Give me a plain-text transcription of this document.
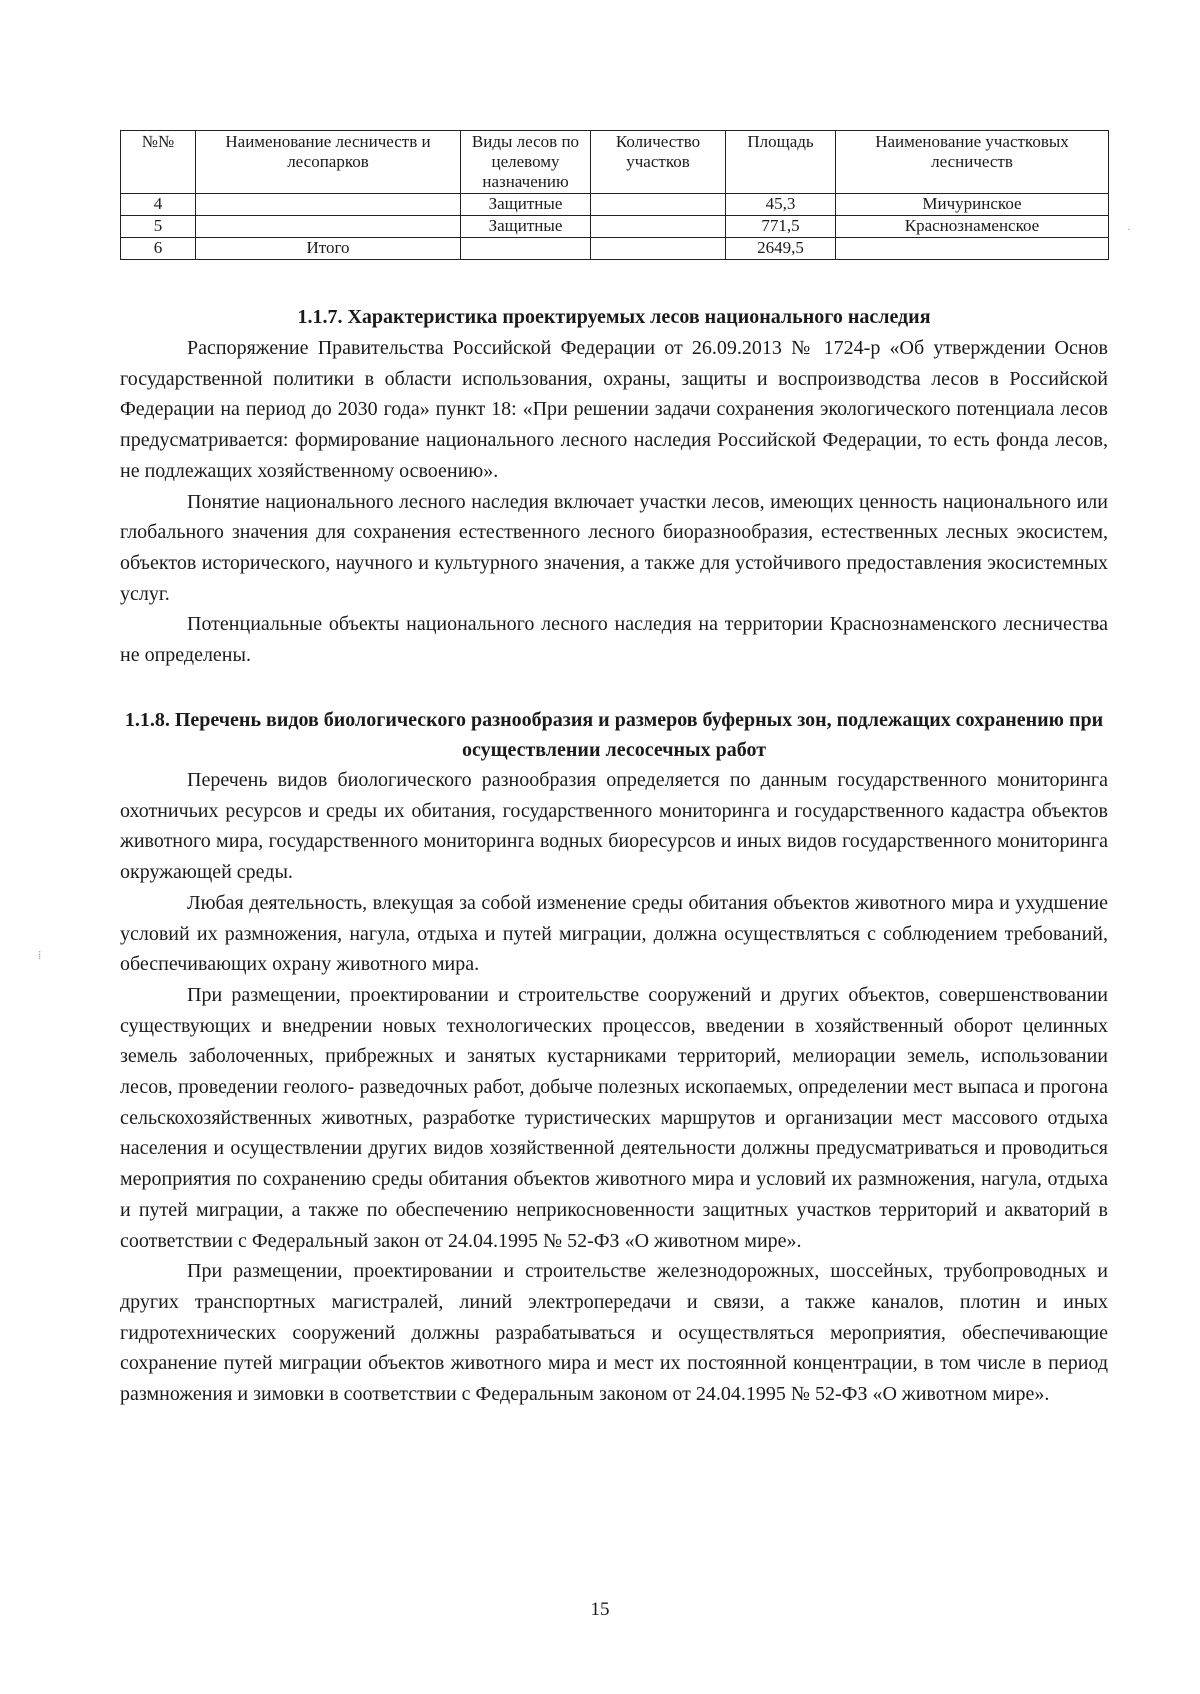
№№	Наименование лесничеств и лесопарков	Виды лесов по целевому назначению	Количество участков	Площадь	Наименование участковых лесничеств
4		Защитные		45,3	Мичуринское
5		Защитные		771,5	Краснознаменское
6	Итого			2649,5	
1.1.7. Характеристика проектируемых лесов национального наследия

Распоряжение Правительства Российской Федерации от 26.09.2013 № 1724-р «Об утверждении Основ государственной политики в области использования, охраны, защиты и воспроизводства лесов в Российской Федерации на период до 2030 года» пункт 18: «При решении задачи сохранения экологического потенциала лесов предусматривается: формирование национального лесного наследия Российской Федерации, то есть фонда лесов, не подлежащих хозяйственному освоению».

Понятие национального лесного наследия включает участки лесов, имеющих ценность национального или глобального значения для сохранения естественного лесного биоразнообразия, естественных лесных экосистем, объектов исторического, научного и культурного значения, а также для устойчивого предоставления экосистемных услуг.

Потенциальные объекты национального лесного наследия на территории Краснознаменского лесничества не определены.

1.1.8. Перечень видов биологического разнообразия и размеров буферных зон, подлежащих сохранению при осуществлении лесосечных работ

Перечень видов биологического разнообразия определяется по данным государственного мониторинга охотничьих ресурсов и среды их обитания, государственного мониторинга и государственного кадастра объектов животного мира, государственного мониторинга водных биоресурсов и иных видов государственного мониторинга окружающей среды.

Любая деятельность, влекущая за собой изменение среды обитания объектов животного мира и ухудшение условий их размножения, нагула, отдыха и путей миграции, должна осуществляться с соблюдением требований, обеспечивающих охрану животного мира.

При размещении, проектировании и строительстве сооружений и других объектов, совершенствовании существующих и внедрении новых технологических процессов, введении в хозяйственный оборот целинных земель заболоченных, прибрежных и занятых кустарниками территорий, мелиорации земель, использовании лесов, проведении геолого- разведочных работ, добыче полезных ископаемых, определении мест выпаса и прогона сельскохозяйственных животных, разработке туристических маршрутов и организации мест массового отдыха населения и осуществлении других видов хозяйственной деятельности должны предусматриваться и проводиться мероприятия по сохранению среды обитания объектов животного мира и условий их размножения, нагула, отдыха и путей миграции, а также по обеспечению неприкосновенности защитных участков территорий и акваторий в соответствии с Федеральный закон от 24.04.1995 № 52-ФЗ «О животном мире».

При размещении, проектировании и строительстве железнодорожных, шоссейных, трубопроводных и других транспортных магистралей, линий электропередачи и связи, а также каналов, плотин и иных гидротехнических сооружений должны разрабатываться и осуществляться мероприятия, обеспечивающие сохранение путей миграции объектов животного мира и мест их постоянной концентрации, в том числе в период размножения и зимовки в соответствии с Федеральным законом от 24.04.1995 № 52-ФЗ «О животном мире».

15
·
⁞
